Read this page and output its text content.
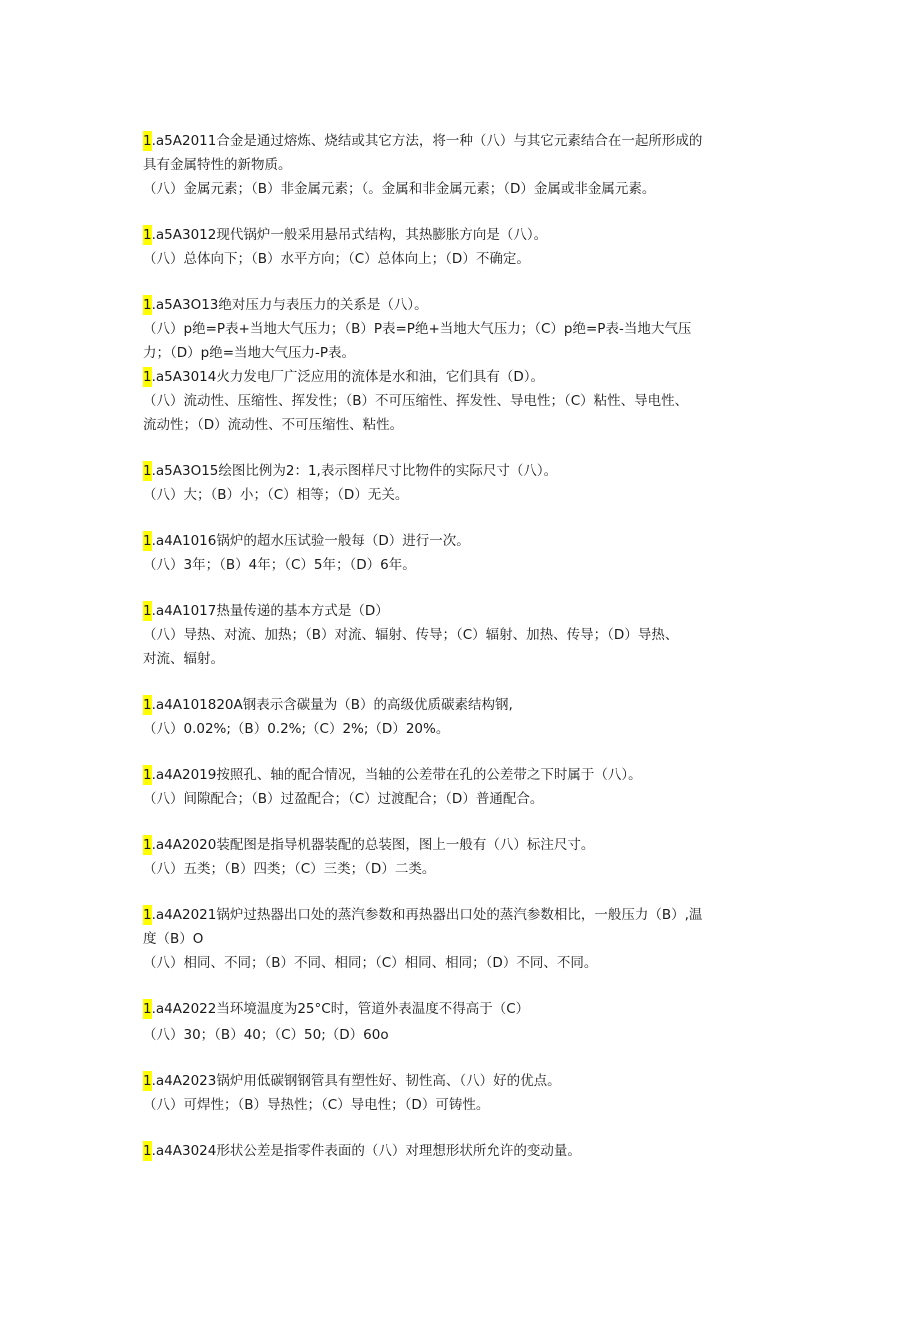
1.a5A2011合金是通过熔炼、烧结或其它方法，将一种（八）与其它元素结合在一起所形成的
具有金属特性的新物质。
（八）金属元素；（B）非金属元素；（。金属和非金属元素；（D）金属或非金属元素。
1.a5A3012现代锅炉一般采用悬吊式结构，其热膨胀方向是（八）。
（八）总体向下；（B）水平方向；（C）总体向上；（D）不确定。
1.a5A3O13绝对压力与表压力的关系是（八）。
（八）p绝=P表+当地大气压力；（B）P表=P绝+当地大气压力；（C）p绝=P表-当地大气压
力；（D）p绝=当地大气压力-P表。
1.a5A3014火力发电厂广泛应用的流体是水和油，它们具有（D）。
（八）流动性、压缩性、挥发性；（B）不可压缩性、挥发性、导电性；（C）粘性、导电性、
流动性；（D）流动性、不可压缩性、粘性。
1.a5A3O15绘图比例为2：1,表示图样尺寸比物件的实际尺寸（八）。
（八）大；（B）小；（C）相等；（D）无关。
1.a4A1016锅炉的超水压试验一般每（D）进行一次。
（八）3年；（B）4年；（C）5年；（D）6年。
1.a4A1017热量传递的基本方式是（D）
（八）导热、对流、加热；（B）对流、辐射、传导；（C）辐射、加热、传导；（D）导热、
对流、辐射。
1.a4A101820A钢表示含碳量为（B）的高级优质碳素结构钢,
（八）0.02%;（B）0.2%;（C）2%;（D）20%。
1.a4A2019按照孔、轴的配合情况，当轴的公差带在孔的公差带之下时属于（八）。
（八）间隙配合；（B）过盈配合；（C）过渡配合；（D）普通配合。
1.a4A2020装配图是指导机器装配的总装图，图上一般有（八）标注尺寸。
（八）五类；（B）四类；（C）三类；（D）二类。
1.a4A2021锅炉过热器出口处的蒸汽参数和再热器出口处的蒸汽参数相比，一般压力（B）,温
度（B）O
（八）相同、不同；（B）不同、相同；（C）相同、相同；（D）不同、不同。
1.a4A2022当环境温度为25°C时，管道外表温度不得高于（C）
（八）30；（B）40；（C）50;（D）60o
1.a4A2023锅炉用低碳钢钢管具有塑性好、韧性高、（八）好的优点。
（八）可焊性；（B）导热性；（C）导电性；（D）可铸性。
1.a4A3024形状公差是指零件表面的（八）对理想形状所允许的变动量。
